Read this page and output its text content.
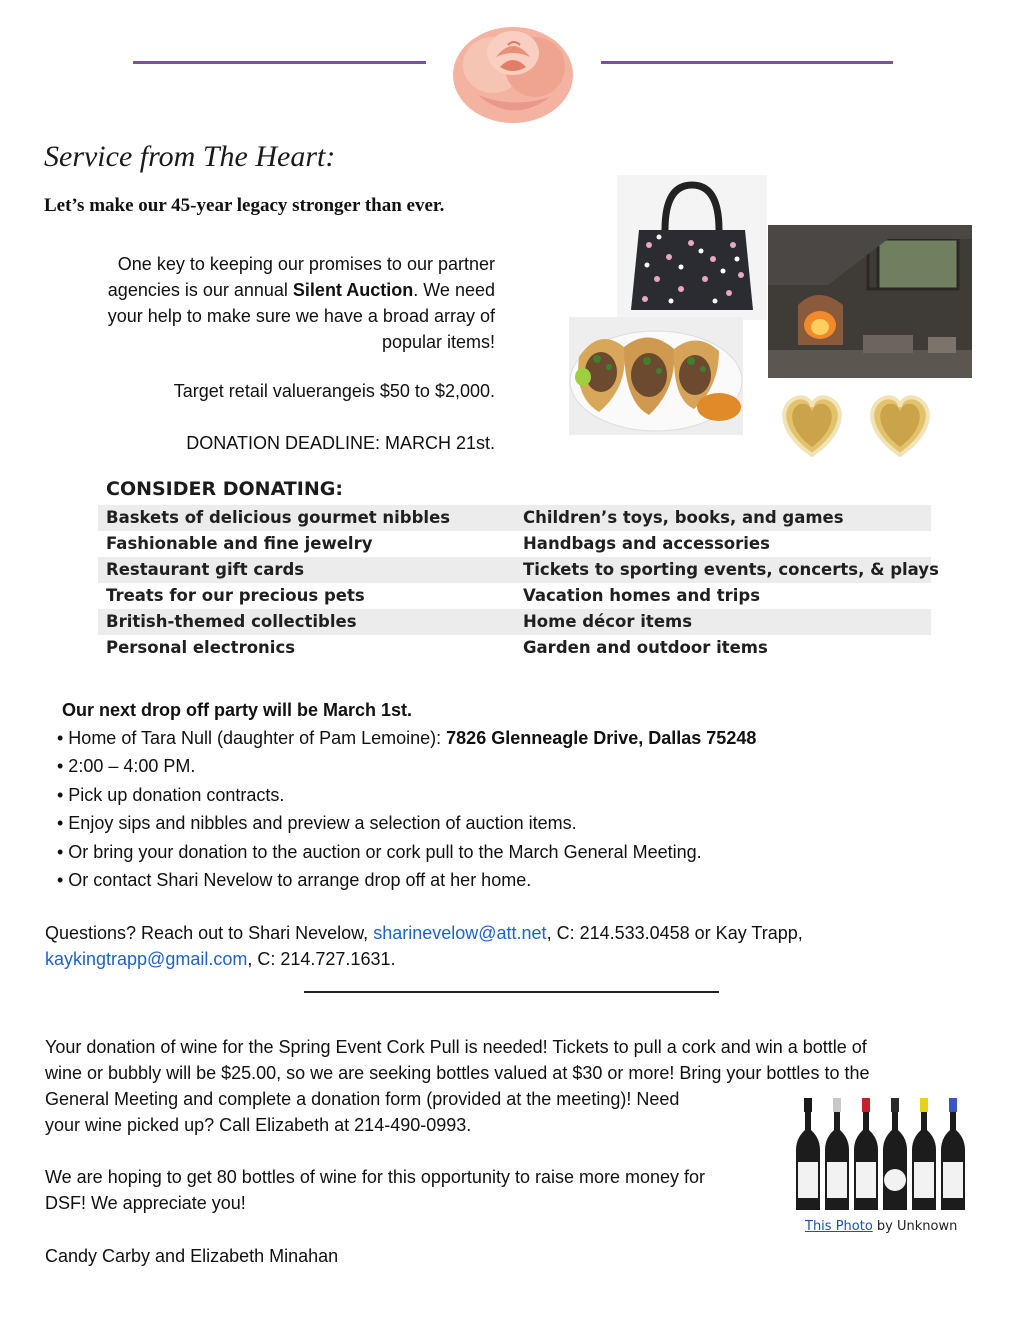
Service from The Heart:
Let’s make our 45-year legacy stronger than ever.
One key to keeping our promises to our partner agencies is our annual Silent Auction. We need your help to make sure we have a broad array of popular items!
Target retail valuerangeis $50 to $2,000.
DONATION DEADLINE: MARCH 21st.
CONSIDER DONATING:
Baskets of delicious gourmet nibbles	Children’s toys, books, and games
Fashionable and fine jewelry	Handbags and accessories
Restaurant gift cards	Tickets to sporting events, concerts, & plays
Treats for our precious pets	Vacation homes and trips
British-themed collectibles	Home décor items
Personal electronics	Garden and outdoor items
Our next drop off party will be March 1st.
• Home of Tara Null (daughter of Pam Lemoine): 7826 Glenneagle Drive, Dallas 75248
• 2:00 – 4:00 PM.
• Pick up donation contracts.
• Enjoy sips and nibbles and preview a selection of auction items.
• Or bring your donation to the auction or cork pull to the March General Meeting.
• Or contact Shari Nevelow to arrange drop off at her home.
Questions? Reach out to Shari Nevelow, sharinevelow@att.net, C: 214.533.0458 or Kay Trapp,
kaykingtrapp@gmail.com, C: 214.727.1631.
Your donation of wine for the Spring Event Cork Pull is needed! Tickets to pull a cork and win a bottle of
wine or bubbly will be $25.00, so we are seeking bottles valued at $30 or more! Bring your bottles to the
General Meeting and complete a donation form (provided at the meeting)! Need
your wine picked up? Call Elizabeth at 214-490-0993.
We are hoping to get 80 bottles of wine for this opportunity to raise more money for
DSF! We appreciate you!
Candy Carby and Elizabeth Minahan
This Photo by Unknown
